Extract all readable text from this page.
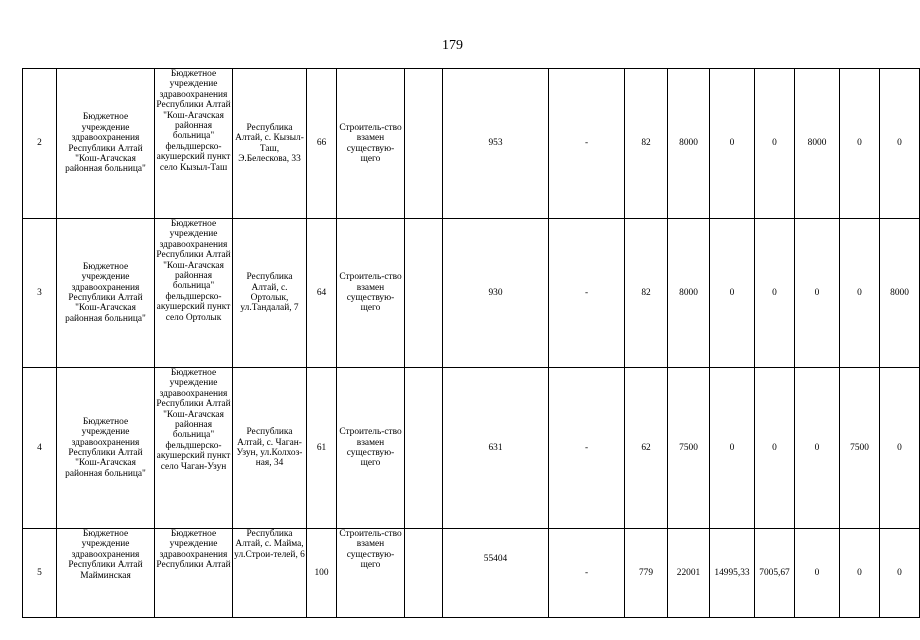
179
2	Бюджетное учреждение здравоохранения Республики Алтай "Кош-Агачская районная больница"	Бюджетное учреждение здравоохранения Республики Алтай "Кош-Агачская районная больница" фельдшерско-акушерский пункт село Кызыл-Таш	Республика Алтай, с. Кызыл-Таш, Э.Белескова, 33	66	Строитель-ство взамен существую-щего		953	-	82	8000	0	0	8000	0	0
3	Бюджетное учреждение здравоохранения Республики Алтай "Кош-Агачская районная больница"	Бюджетное учреждение здравоохранения Республики Алтай "Кош-Агачская районная больница" фельдшерско-акушерский пункт село Ортолык	Республика Алтай, с. Ортолык, ул.Тандалай, 7	64	Строитель-ство взамен существую-щего		930	-	82	8000	0	0	0	0	8000
4	Бюджетное учреждение здравоохранения Республики Алтай "Кош-Агачская районная больница"	Бюджетное учреждение здравоохранения Республики Алтай "Кош-Агачская районная больница" фельдшерско-акушерский пункт село Чаган-Узун	Республика Алтай, с. Чаган-Узун, ул.Колхоз-ная, 34	61	Строитель-ство взамен существую-щего		631	-	62	7500	0	0	0	7500	0
5	Бюджетное учреждение здравоохранения Республики Алтай Майминская	Бюджетное учреждение здравоохранения Республики Алтай	Республика Алтай, с. Майма, ул.Строи-телей, 6	100	Строитель-ство взамен существую-щего		55404	-	779	22001	14995,33	7005,67	0	0	0
